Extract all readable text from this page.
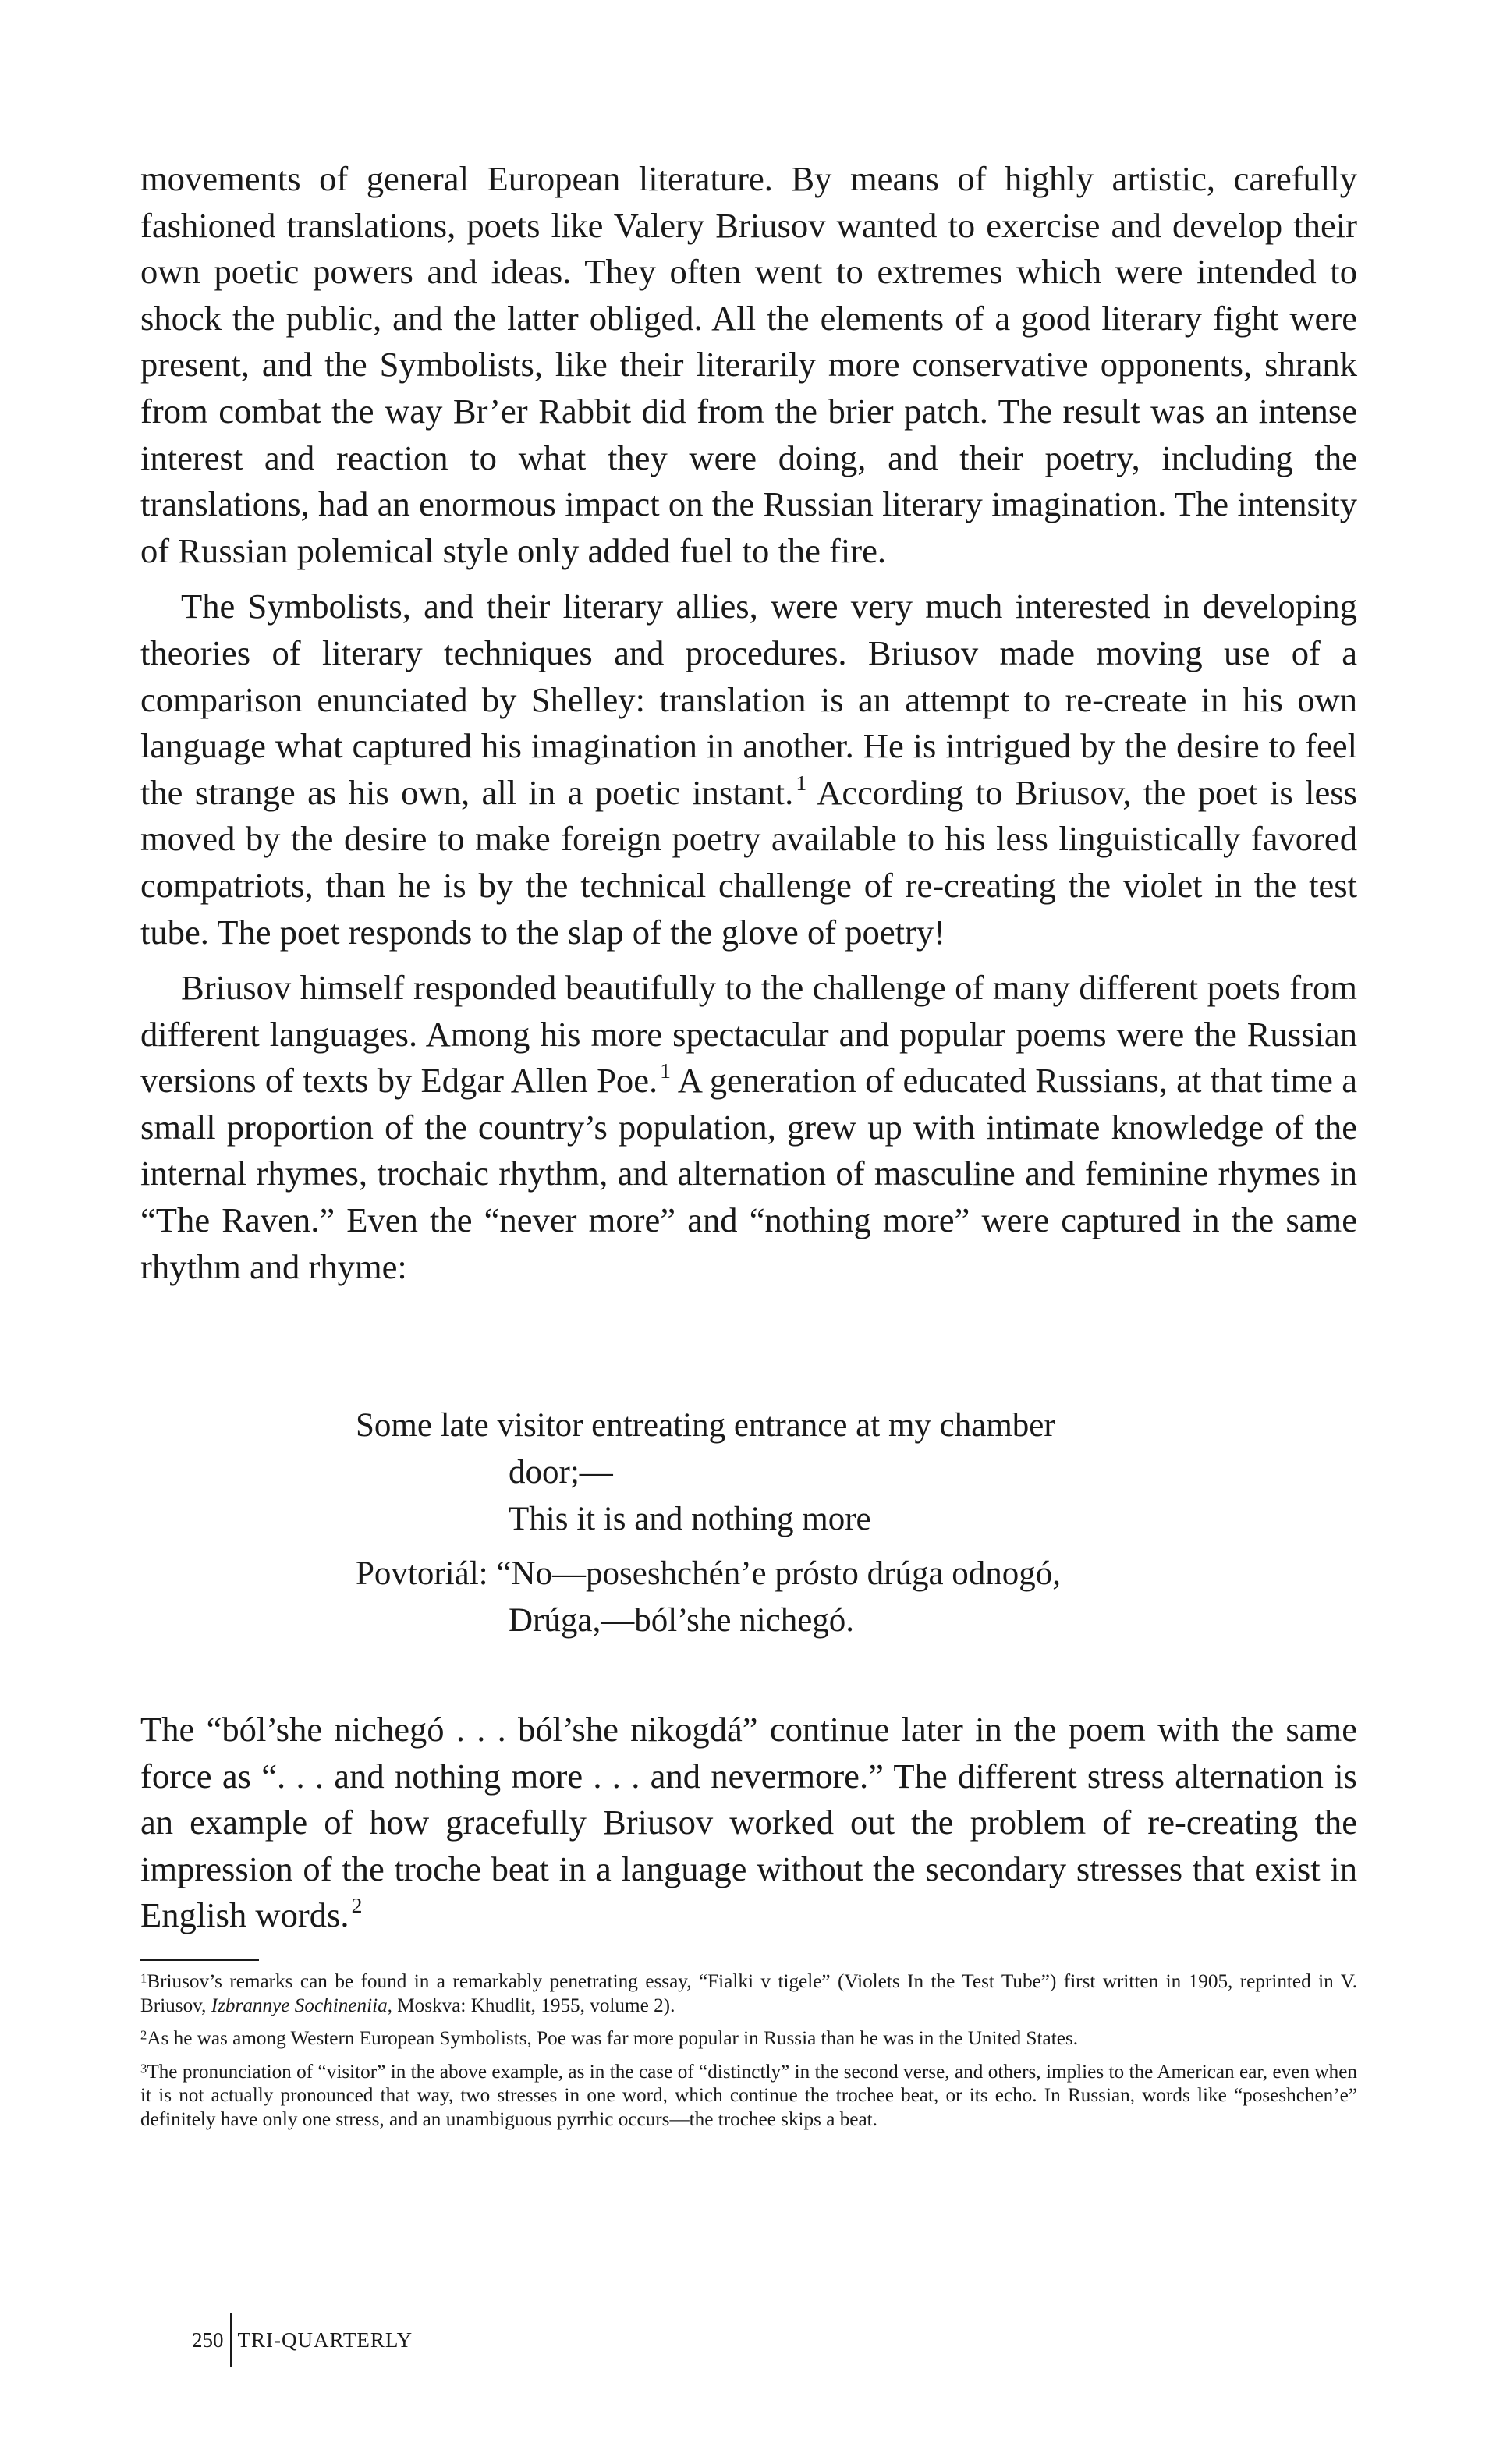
movements of general European literature. By means of highly artistic, carefully fashioned translations, poets like Valery Briusov wanted to exercise and develop their own poetic powers and ideas. They often went to extremes which were intended to shock the public, and the latter obliged. All the elements of a good literary fight were present, and the Symbolists, like their literarily more conservative opponents, shrank from combat the way Br’er Rabbit did from the brier patch. The result was an intense interest and reaction to what they were doing, and their poetry, including the translations, had an enormous impact on the Russian literary imagination. The intensity of Russian polemical style only added fuel to the fire.

The Symbolists, and their literary allies, were very much interested in developing theories of literary techniques and procedures. Briusov made moving use of a comparison enunciated by Shelley: translation is an attempt to re-create in his own language what captured his imagination in another. He is intrigued by the desire to feel the strange as his own, all in a poetic instant. $^1$ According to Briusov, the poet is less moved by the desire to make foreign poetry available to his less linguistically favored compatriots, than he is by the technical challenge of re-creating the violet in the test tube. The poet responds to the slap of the glove of poetry!

Briusov himself responded beautifully to the challenge of many different poets from different languages. Among his more spectacular and popular poems were the Russian versions of texts by Edgar Allen Poe. $^1$ A generation of educated Russians, at that time a small proportion of the country’s population, grew up with intimate knowledge of the internal rhymes, trochaic rhythm, and alternation of masculine and feminine rhymes in “The Raven.” Even the “never more” and “nothing more” were captured in the same rhythm and rhyme:

Some late visitor entreating entrance at my chamber
door;—
This it is and nothing more
Povtoriál: “No—poseshchén’e prósto drúga odnogó,
Drúga,—ból’she nichegó.

The “ból’she nichegó . . . ból’she nikogdá” continue later in the poem with the same force as “. . . and nothing more . . . and nevermore.” The different stress alternation is an example of how gracefully Briusov worked out the problem of re-creating the impression of the troche beat in a language without the secondary stresses that exist in English words. $^2$

$^1$Briusov’s remarks can be found in a remarkably penetrating essay, “Fialki v tigele” (Violets In the Test Tube”) first written in 1905, reprinted in V. Briusov, Izbrannye Sochineniia, Moskva: Khudlit, 1955, volume 2).

$^2$As he was among Western European Symbolists, Poe was far more popular in Russia than he was in the United States.

$^3$The pronunciation of “visitor” in the above example, as in the case of “distinctly” in the second verse, and others, implies to the American ear, even when it is not actually pronounced that way, two stresses in one word, which continue the trochee beat, or its echo. In Russian, words like “poseshchen’e” definitely have only one stress, and an unambiguous pyrrhic occurs—the trochee skips a beat.

250 TRI-QUARTERLY
